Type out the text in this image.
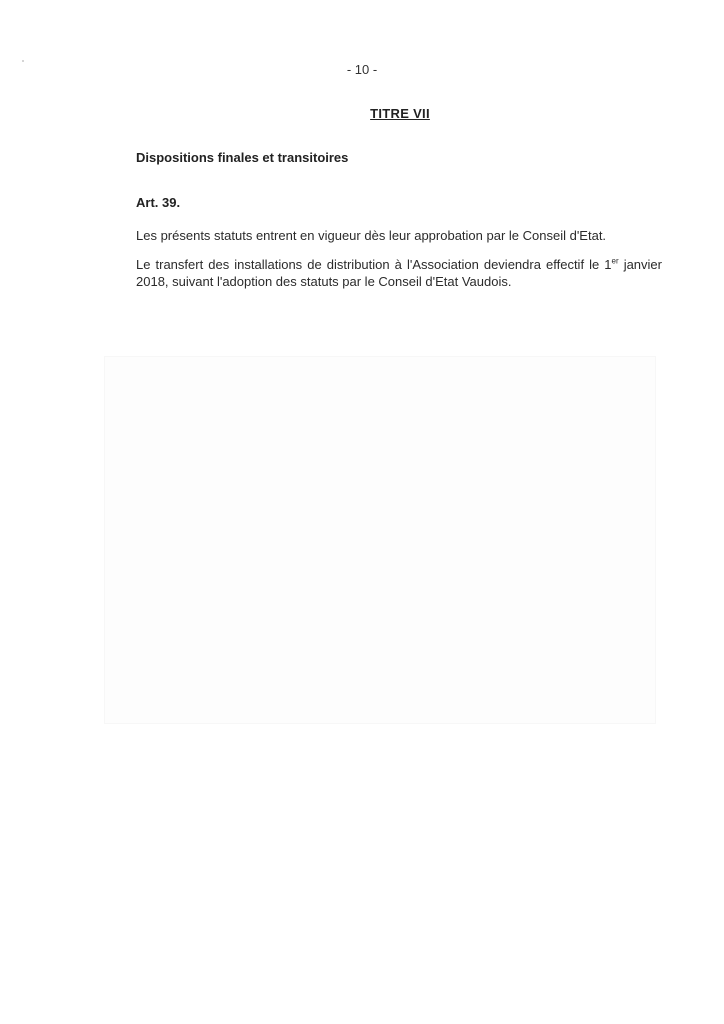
- 10 -
TITRE VII
Dispositions finales et transitoires
Art. 39.
Les présents statuts entrent en vigueur dès leur approbation par le Conseil d'Etat.
Le transfert des installations de distribution à l'Association deviendra effectif le 1er janvier 2018, suivant l'adoption des statuts par le Conseil d'Etat Vaudois.
